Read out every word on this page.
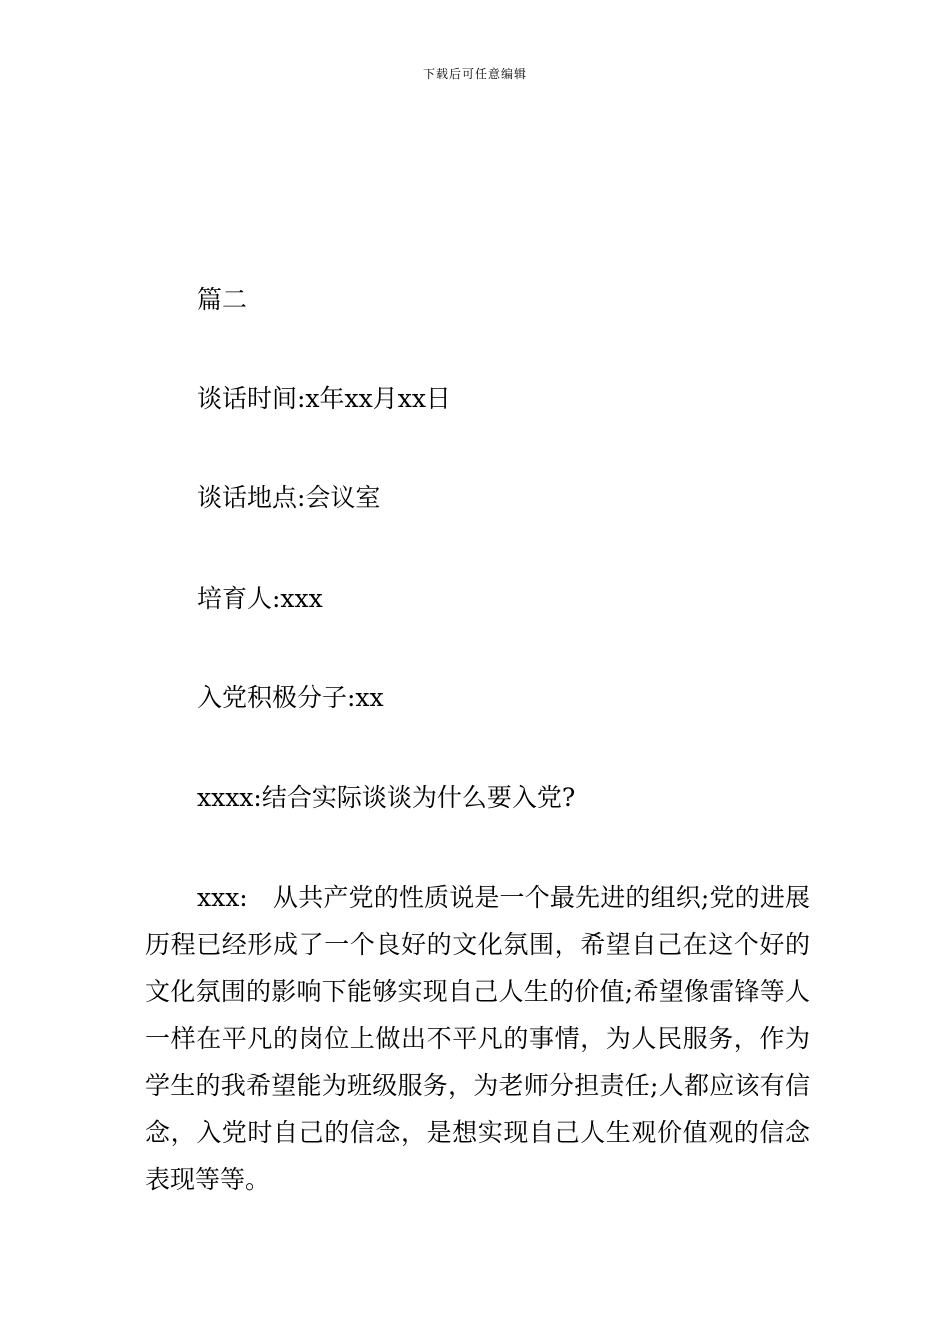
下载后可任意编辑
篇二
谈话时间:x年xx月xx日
谈话地点:会议室
培育人:xxx
入党积极分子:xx
xxxx:结合实际谈谈为什么要入党?

xxx:　从共产党的性质说是一个最先进的组织;党的进展历程已经形成了一个良好的文化氛围，希望自己在这个好的文化氛围的影响下能够实现自己人生的价值;希望像雷锋等人一样在平凡的岗位上做出不平凡的事情，为人民服务，作为学生的我希望能为班级服务，为老师分担责任;人都应该有信念，入党时自己的信念，是想实现自己人生观价值观的信念表现等等。
